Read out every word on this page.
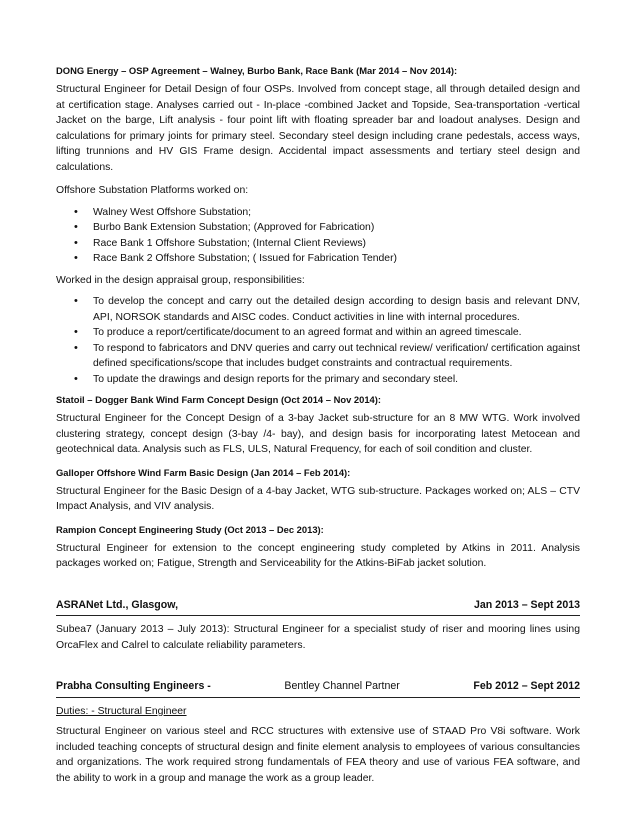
DONG Energy – OSP Agreement – Walney, Burbo Bank, Race Bank (Mar 2014 – Nov 2014):

Structural Engineer for Detail Design of four OSPs. Involved from concept stage, all through detailed design and at certification stage. Analyses carried out - In-place -combined Jacket and Topside, Sea-transportation -vertical Jacket on the barge, Lift analysis - four point lift with floating spreader bar and loadout analyses. Design and calculations for primary joints for primary steel. Secondary steel design including crane pedestals, access ways, lifting trunnions and HV GIS Frame design. Accidental impact assessments and tertiary steel design and calculations.

Offshore Substation Platforms worked on:

• Walney West Offshore Substation;
• Burbo Bank Extension Substation; (Approved for Fabrication)
• Race Bank 1 Offshore Substation; (Internal Client Reviews)
• Race Bank 2 Offshore Substation; ( Issued for Fabrication Tender)

Worked in the design appraisal group, responsibilities:

• To develop the concept and carry out the detailed design according to design basis and relevant DNV, API, NORSOK standards and AISC codes. Conduct activities in line with internal procedures.
• To produce a report/certificate/document to an agreed format and within an agreed timescale.
• To respond to fabricators and DNV queries and carry out technical review/ verification/ certification against defined specifications/scope that includes budget constraints and contractual requirements.
• To update the drawings and design reports for the primary and secondary steel.

Statoil – Dogger Bank Wind Farm Concept Design (Oct 2014 – Nov 2014):

Structural Engineer for the Concept Design of a 3-bay Jacket sub-structure for an 8 MW WTG. Work involved clustering strategy, concept design (3-bay /4- bay), and design basis for incorporating latest Metocean and geotechnical data. Analysis such as FLS, ULS, Natural Frequency, for each of soil condition and cluster.

Galloper Offshore Wind Farm Basic Design (Jan 2014 – Feb 2014):

Structural Engineer for the Basic Design of a 4-bay Jacket, WTG sub-structure. Packages worked on; ALS – CTV Impact Analysis, and VIV analysis.

Rampion Concept Engineering Study (Oct 2013 – Dec 2013):

Structural Engineer for extension to the concept engineering study completed by Atkins in 2011. Analysis packages worked on; Fatigue, Strength and Serviceability for the Atkins-BiFab jacket solution.

ASRANet Ltd., Glasgow,	Jan 2013 – Sept 2013

Subea7 (January 2013 – July 2013): Structural Engineer for a specialist study of riser and mooring lines using OrcaFlex and Calrel to calculate reliability parameters.

Prabha Consulting Engineers -	Bentley Channel Partner	Feb 2012 – Sept 2012

Duties: - Structural Engineer

Structural Engineer on various steel and RCC structures with extensive use of STAAD Pro V8i software. Work included teaching concepts of structural design and finite element analysis to employees of various consultancies and organizations. The work required strong fundamentals of FEA theory and use of various FEA software, and the ability to work in a group and manage the work as a group leader.
